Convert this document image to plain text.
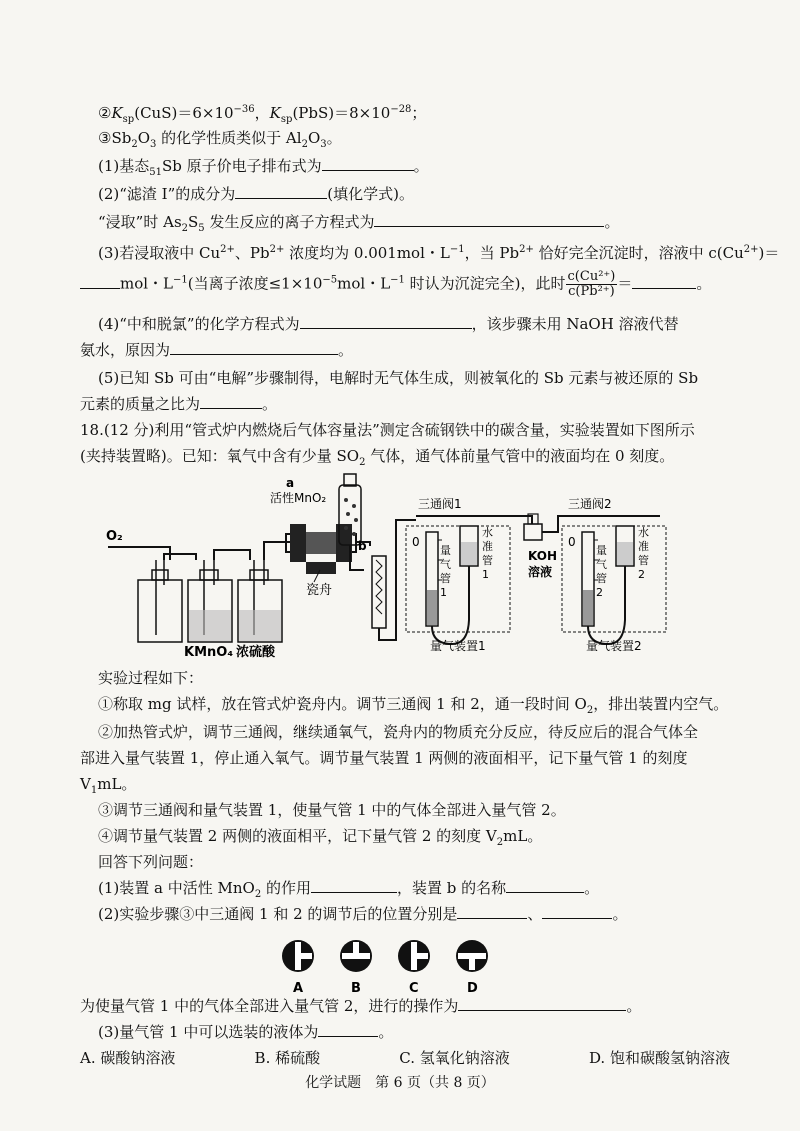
$②K_{sp}(CuS)=6\times 10^{-36}$，$K_{sp}(PbS)=8\times 10^{-28}$；
$③Sb_2O_3$ 的化学性质类似于 $Al_2O_3$。
(1)基态$_{51}$Sb 原子价电子排布式为	。
(2)“滤渣 I”的成分为	(填化学式)。
“浸取”时 $As_2S_5$ 发生反应的离子方程式为	。
(3)若浸取液中 $Cu^{2+}$、$Pb^{2+}$ 浓度均为 0.001mol・$L^{-1}$，当 $Pb^{2+}$ 恰好完全沉淀时，溶液中 $c(Cu^{2+})=$
mol・$L^{-1}$(当离子浓度$\le 1\times 10^{-5}mol$・$L^{-1}$ 时认为沉淀完全)，此时 $\frac{\text{c(Cu²⁺)}}{\text{c(Pb²⁺)}}$ ＝	。
(4)“中和脱氯”的化学方程式为	，该步骤未用 NaOH 溶液代替
氨水，原因为	。
(5)已知 Sb 可由“电解”步骤制得，电解时无气体生成，则被氧化的 Sb 元素与被还原的 Sb
元素的质量之比为	。
18.(12 分)利用“管式炉内燃烧后气体容量法”测定含硫钢铁中的碳含量，实验装置如下图所示
(夹持装置略)。已知：氧气中含有少量 $SO_2$ 气体，通气体前量气管中的液面均在 0 刻度。
O₂
KMnO₄ 浓硫酸
瓷舟
a
活性MnO₂
b
三通阀1
0
量
气
管
1
水
准
管
1
量气装置1
KOH
溶液
三通阀2
0
量
气
管
2
水
准
管
2
量气装置2
实验过程如下：
①称取 mg 试样，放在管式炉瓷舟内。调节三通阀 1 和 2，通一段时间 $O_2$，排出装置内空气。
②加热管式炉，调节三通阀，继续通氧气，瓷舟内的物质充分反应，待反应后的混合气体全
部进入量气装置 1，停止通入氧气。调节量气装置 1 两侧的液面相平，记下量气管 1 的刻度
$V_1mL$。
③调节三通阀和量气装置 1，使量气管 1 中的气体全部进入量气管 2。
④调节量气装置 2 两侧的液面相平，记下量气管 2 的刻度 $V_2mL$。
回答下列问题：
(1)装置 a 中活性 MnO$_2$ 的作用	，装置 b 的名称	。
(2)实验步骤③中三通阀 1 和 2 的调节后的位置分别是	、	。
A	B	C	D
为使量气管 1 中的气体全部进入量气管 2，进行的操作为	。
(3)量气管 1 中可以选装的液体为	。
A. 碳酸钠溶液	B. 稀硫酸	C. 氢氧化钠溶液	D. 饱和碳酸氢钠溶液
化学试题　第 6 页（共 8 页）
